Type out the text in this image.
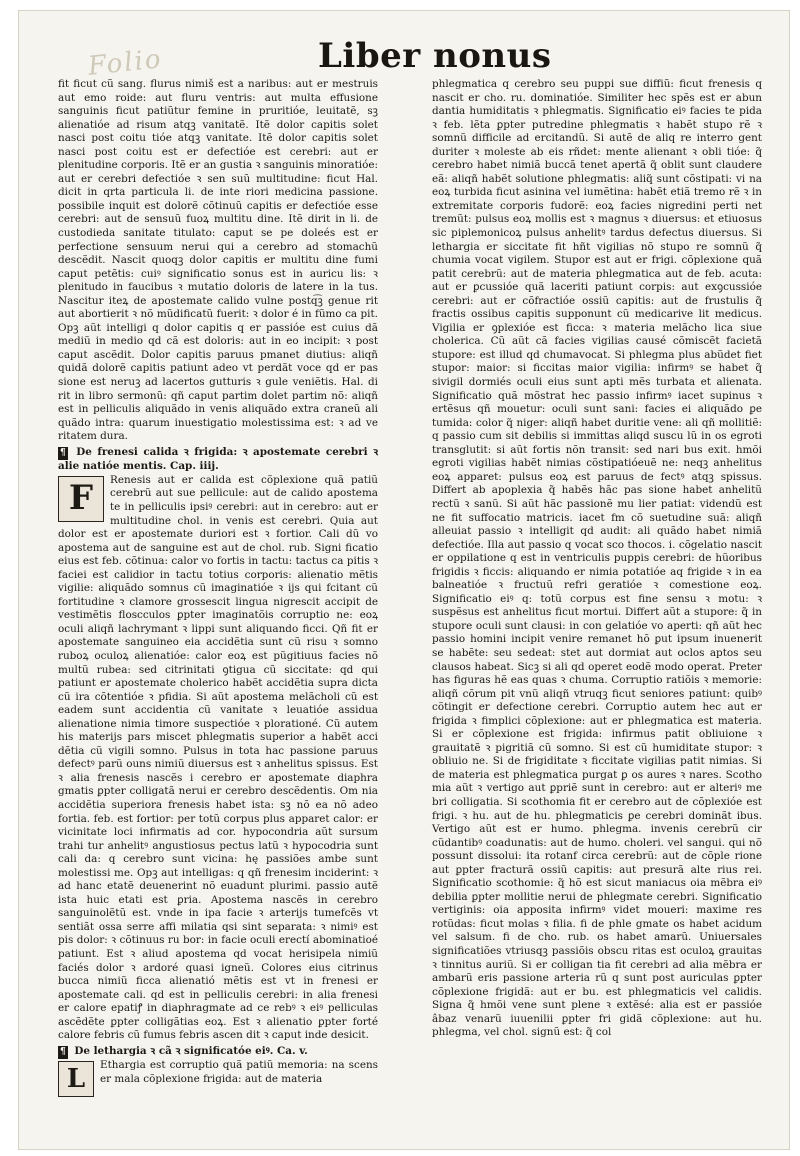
Folio	Liber nonus

fit ficut cũ sang. flurus nimiš est a naribus: aut er mestruis aut emo roide: aut fluru ventris: aut multa effusione sanguinis ficut patiũtur femine in pruritióe, leuitatẽ, sꝫ alienatióe ad risum atqꝫ vanitatẽ. Itẽ dolor capitis solet nasci post coitu tióe atqꝫ vanitate. Itẽ dolor capitis solet nasci post coitu est er defectióe est cerebri: aut er plenitudine corporis. Itẽ er an gustia ꝛ sanguinis minoratióe: aut er cerebri defectióe ꝛ sen suũ multitudine: ficut Hal. dicit in qrta particula li. de inte riori medicina passione. possibile inquit est dolorẽ cõtinuũ capitis er defectióe esse cerebri: aut de sensuũ fuoꝝ multitu dine. Itẽ dirit in li. de custodieda sanitate titulato: caput se pe doleés est er perfectione sensuum nerui qui a cerebro ad stomachũ descẽdit. Nascit quoqꝫ dolor capitis er multitu dine fumi caput petẽtis: cuiꝰ significatio sonus est in auricu lis: ꝛ plenitudo in faucibus ꝛ mutatio doloris de latere in la tus. Nascitur iteꝝ de apostemate calido vulne postq͡ꝫ genue rit aut abortierit ꝛ nõ mũdificatũ fuerit: ꝛ dolor é in fũmo ca pit. Opꝫ aũt intelligi q dolor capitis q er passióe est cuius dã mediũ in medio qd cã est doloris: aut in eo incipit: ꝛ post caput ascẽdit. Dolor capitis paruus pmanet diutius: aliqñ quidã dolorẽ capitis patiunt adeo vt perdãt voce qd er pas sione est neruꝫ ad lacertos gutturis ꝛ gule veniẽtis. Hal. di rit in libro sermonũ: qñ caput partim dolet partim nõ: aliqñ est in pelliculis aliquãdo in venis aliquãdo extra craneũ ali quãdo intra: quarum inuestigatio molestissima est: ꝛ ad ve ritatem dura.

¶ De frenesi calida ꝛ frigida: ꝛ apostemate cerebri ꝛ alie natióe mentis. Cap. iiij.

F	Renesis aut er calida est cõplexione quã patiũ cerebrũ aut sue pellicule: aut de calido apostema te in pelliculis ipsiꝰ cerebri: aut in cerebro: aut er multitudine chol. in venis est cerebri. Quia aut dolor est er apostemate duriori est ꝛ fortior. Cali dũ vo apostema aut de sanguine est aut de chol. rub. Signi ficatio eius est feb. cõtinua: calor vo fortis in tactu: tactus ca pitis ꝛ faciei est calidior in tactu totius corporis: alienatio mẽtis vigilie: aliquãdo somnus cũ imaginatióe ꝛ ijs qui fcitant cũ fortitudine ꝛ clamore grossescit lingua nigrescit accipit de vestimẽtis floscculos ꝑpter imaginatõis corruptio ne: eoꝝ oculi aliqñ lachrymant ꝛ lippi sunt aliquando ficci. Qñ fit er apostemate sanguineo eia accidẽtia sunt cũ risu ꝛ somno ruboꝝ oculoꝝ alienatióe: calor eoꝝ est pũgitiuus facies nõ multũ rubea: sed citrinitati ꝯtigua cũ siccitate: qd qui patiunt er apostemate cholerico habẽt accidẽtia supra dicta cũ ira cõtentióe ꝛ pfidia. Si aũt apostema melãcholi cũ est eadem sunt accidentia cũ vanitate ꝛ leuatióe assidua alienatione nimia timore suspectióe ꝛ plorationé. Cũ autem his materijs pars miscet phlegmatis superior a habẽt acci dẽtia cũ vigili somno. Pulsus in tota hac passione paruus defectꝰ parũ ouns nimiũ diuersus est ꝛ anhelitus spissus. Est ꝛ alia frenesis nascẽs i cerebro er apostemate diaphra gmatis ꝑpter colligatã nerui er cerebro descẽdentis. Om nia accidẽtia superiora frenesis habet ista: sꝫ nõ ea nõ adeo fortia. feb. est fortior: per totũ corpus plus apparet calor: er vicinitate loci infirmatis ad cor. hypocondria aũt sursum trahi tur anhelitꝰ angustiosus pectus latũ ꝛ hypocodria sunt cali da: q cerebro sunt vicina: hę passiões ambe sunt molestissi me. Opꝫ aut intelligas: q qñ frenesim inciderint: ꝛ ad hanc etatẽ deuenerint nõ euadunt plurimi. passio autẽ ista huic etati est ꝑria. Apostema nascẽs in cerebro sanguinolẽtũ est. vnde in ipa facie ꝛ arterijs tumefcẽs vt sentiãt ossa serre affi milatia qsi sint separata: ꝛ nimiꝰ est pis dolor: ꝛ cõtinuus ru bor: in facie oculi erectí abominatioé patiunt. Est ꝛ aliud apostema qd vocat herisipela nimiũ faciés dolor ꝛ ardoré quasi igneũ. Colores eius citrinus bucca nimiũ ficca alienatió mẽtis est vt in frenesi er apostemate cali. qd est in pelliculis cerebri: in alia frenesi er calore epatiꝭ in diaphragmate ad ce rebꝰ ꝛ eiꝰ pelliculas ascẽdẽte ꝑpter colligãtias eoꝝ. Est ꝛ alienatio ꝑpter forté calore febris cũ fumus febris ascen dit ꝛ caput inde desicit.

¶ De lethargia ꝛ cã ꝛ significatóe eiꝰ. Ca. v.

L	Ethargia est corruptio quã patiũ memoria: na scens er mala cõplexione frigida: aut de materia

phlegmatica q cerebro seu puppi sue diffiũ: ficut frenesis q nascit er cho. ru. dominatióe. Similiter hec spẽs est er abun dantia humiditatis ꝛ phlegmatis. Significatio eiꝰ facies te pida ꝛ feb. lẽta ꝑpter putredine phlegmatis ꝛ habẽt stupo rẽ ꝛ somnũ difficile ad ercitandũ. Si autẽ de aliq re interro gent duriter ꝛ moleste ab eis rñdet: mente alienant ꝛ obli tióe: q̃ cerebro habet nimiã buccã tenet apertã q̃ oblit sunt claudere eã: aliqñ habẽt solutione phlegmatis: aliq̃ sunt cõstipati: vi na eoꝝ turbida ficut asinina vel iumẽtina: habẽt etiã tremo rẽ ꝛ in extremitate corporis fudorẽ: eoꝝ facies nigredini perti net tremũt: pulsus eoꝝ mollis est ꝛ magnus ꝛ diuersus: et etiuosus sic piplemonicoꝝ pulsus anhelitꝰ tardus defectus diuersus. Si lethargia er siccitate fit hñt vigilias nõ stupo re somnũ q̃ chumia vocat vigilem. Stupor est aut er frigi. cõplexione quã patit cerebrũ: aut de materia phlegmatica aut de feb. acuta: aut er ꝑcussióe quã laceriti patiunt corpis: aut exꝯcussióe cerebri: aut er cõfractióe ossiũ capitis: aut de frustulis q̃ fractis ossibus capitis supponunt cũ medicarive lit medicus. Vigilia er ꝯplexióe est ficca: ꝛ materia melãcho lica siue cholerica. Cũ aũt cã facies vigilias causé cõmiscẽt facietã stupore: est illud qd chumavocat. Si phlegma plus abũdet fiet stupor: maior: si ficcitas maior vigilia: infirmꝰ se habet q̃ sivigil dormiés oculi eius sunt apti mẽs turbata et alienata. Significatio quã mõstrat hec passio infirmꝰ iacet supinus ꝛ ertẽsus qñ mouetur: oculi sunt sani: facies ei aliquãdo ꝑe tumida: color q̃ niger: aliqñ habet duritie vene: ali qñ mollitiẽ: q passio cum sit debilis si immittas aliqd suscu lũ in os egroti transglutit: si aũt fortis nõn transit: sed nari bus exit. hmõi egroti vigilias habẽt nimias cõstipatióeuẽ ne: neqꝫ anhelitus eoꝝ apparet: pulsus eoꝝ est paruus de fectꝰ atqꝫ spissus. Differt ab apoplexia q̃ habẽs hãc pas sione habet anhelitũ rectũ ꝛ sanũ. Si aũt hãc passionẽ mu lier patiat: videndũ est ne fit suffocatio matricis. iacet fm cõ suetudine suã: aliqñ alleuiat passio ꝛ intelligit qd audit: ali quãdo habet nimiã defectióe. Illa aut passio q vocat sco thocos. i. cõgelatio nascit er oppilatione q est in ventriculis puppis cerebri: de hũoribus frigidis ꝛ ficcis: aliquando er nimia potatióe aq frigide ꝛ in ea balneatióe ꝛ fructuũ refri geratióe ꝛ comestione eoꝝ. Significatio eiꝰ q: totũ corpus est fine sensu ꝛ motu: ꝛ suspẽsus est anhelitus ficut mortui. Differt aũt a stupore: q̃ in stupore oculi sunt clausi: in con gelatióe vo aperti: qñ aũt hec passio homini incipit venire remanet hõ ꝑut ipsum inuenerit se habẽte: seu sedeat: stet aut dormiat aut oclos aptos seu clausos habeat. Sicꝫ si ali qd operet eodẽ modo operat. Preter has figuras hẽ eas quas ꝛ chuma. Corruptio ratiõis ꝛ memorie: aliqñ cõrum pit vnũ aliqñ vtruqꝫ ficut seniores patiunt: quibꝰ cõtingit er defectione cerebri. Corruptio autem hec aut er frigida ꝛ fimplici cõplexione: aut er phlegmatica est materia. Si er cõplexione est frigida: infirmus patit obliuione ꝛ grauitatẽ ꝛ pigritiã cũ somno. Si est cũ humiditate stupor: ꝛ obliuio ne. Si de frigiditate ꝛ ficcitate vigilias patit nimias. Si de materia est phlegmatica purgat ꝑ os aures ꝛ nares. Scotho mia aũt ꝛ vertigo aut ꝑpriẽ sunt in cerebro: aut er alteriꝰ me bri colligatia. Si scothomia fit er cerebro aut de cõplexióe est frigi. ꝛ hu. aut de hu. phlegmaticis ꝑe cerebri dominãt ibus. Vertigo aũt est er humo. phlegma. invenis cerebrũ cir cũdantibꝰ coadunatis: aut de humo. choleri. vel sangui. qui nõ possunt dissolui: ita rotanf circa cerebrũ: aut de cõple rione aut ꝑpter fracturã ossiũ capitis: aut presurã alte rius rei. Significatio scothomie: q̃ hõ est sicut maniacus oia mẽbra eiꝰ debilia ꝑpter mollitie nerui de phlegmate cerebri. Significatio vertiginis: oia apposita infirmꝰ videt moueri: maxime res rotũdas: ficut molas ꝛ filia. fi de phle gmate os habet acidum vel salsum. fi de cho. rub. os habet amarũ. Uniuersales significatiões vtriusqꝫ passiõis obscu ritas est oculoꝝ grauitas ꝛ tinnitus auriũ. Si er colligan tia fit cerebri ad alia mẽbra er ambarũ eris passione arteria rũ q sunt post auriculas ꝑpter cõplexione frigidã: aut er bu. est phlegmaticis vel calidis. Signa q̃ hmõi vene sunt plene ꝛ extẽsé: alia est er passióe âbaz venarũ iuuenilii ꝑpter fri gidã cõplexione: aut hu. phlegma, vel chol. signũ est: q̃ col
